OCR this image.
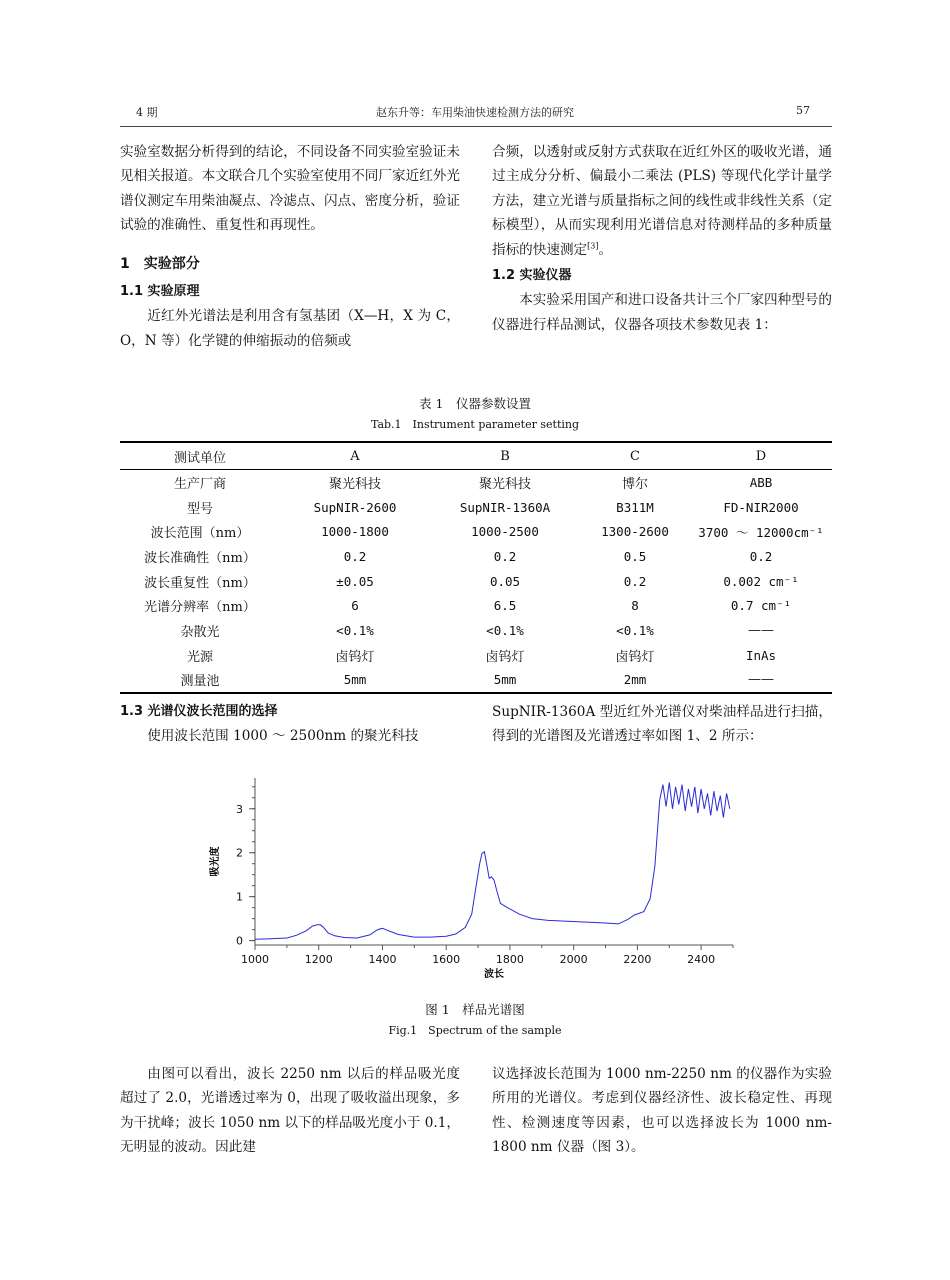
4 期	赵东升等：车用柴油快速检测方法的研究	57

实验室数据分析得到的结论，不同设备不同实验室验证未见相关报道。本文联合几个实验室使用不同厂家近红外光谱仪测定车用柴油凝点、冷滤点、闪点、密度分析，验证试验的准确性、重复性和再现性。

1　实验部分

1.1 实验原理

近红外光谱法是利用含有氢基团（X—H，X 为 C，O，N 等）化学键的伸缩振动的倍频或

合频，以透射或反射方式获取在近红外区的吸收光谱，通过主成分分析、偏最小二乘法 (PLS) 等现代化学计量学方法，建立光谱与质量指标之间的线性或非线性关系（定标模型），从而实现利用光谱信息对待测样品的多种质量指标的快速测定[3]。

1.2 实验仪器

本实验采用国产和进口设备共计三个厂家四种型号的仪器进行样品测试，仪器各项技术参数见表 1：

表 1　仪器参数设置
Tab.1　Instrument parameter setting
测试单位	A	B	C	D
生产厂商	聚光科技	聚光科技	博尔	ABB
型号	SupNIR-2600	SupNIR-1360A	B311M	FD-NIR2000
波长范围（nm）	1000-1800	1000-2500	1300-2600	3700 ～ 12000cm⁻¹
波长准确性（nm）	0.2	0.2	0.5	0.2
波长重复性（nm）	±0.05	0.05	0.2	0.002 cm⁻¹
光谱分辨率（nm）	6	6.5	8	0.7 cm⁻¹
杂散光	<0.1%	<0.1%	<0.1%	——
光源	卤钨灯	卤钨灯	卤钨灯	InAs
测量池	5mm	5mm	2mm	——

1.3 光谱仪波长范围的选择

使用波长范围 1000 ～ 2500nm 的聚光科技

SupNIR-1360A 型近红外光谱仪对柴油样品进行扫描，得到的光谱图及光谱透过率如图 1、2 所示：

1000	1200	1400	1600	1800	2000	2200	2400
0
1
2
3
波长
吸光度
图 1　样品光谱图
Fig.1　Spectrum of the sample

由图可以看出，波长 2250 nm 以后的样品吸光度超过了 2.0，光谱透过率为 0，出现了吸收溢出现象，多为干扰峰；波长 1050 nm 以下的样品吸光度小于 0.1，无明显的波动。因此建

议选择波长范围为 1000 nm-2250 nm 的仪器作为实验所用的光谱仪。考虑到仪器经济性、波长稳定性、再现性、检测速度等因素，也可以选择波长为 1000 nm-1800 nm 仪器（图 3）。
